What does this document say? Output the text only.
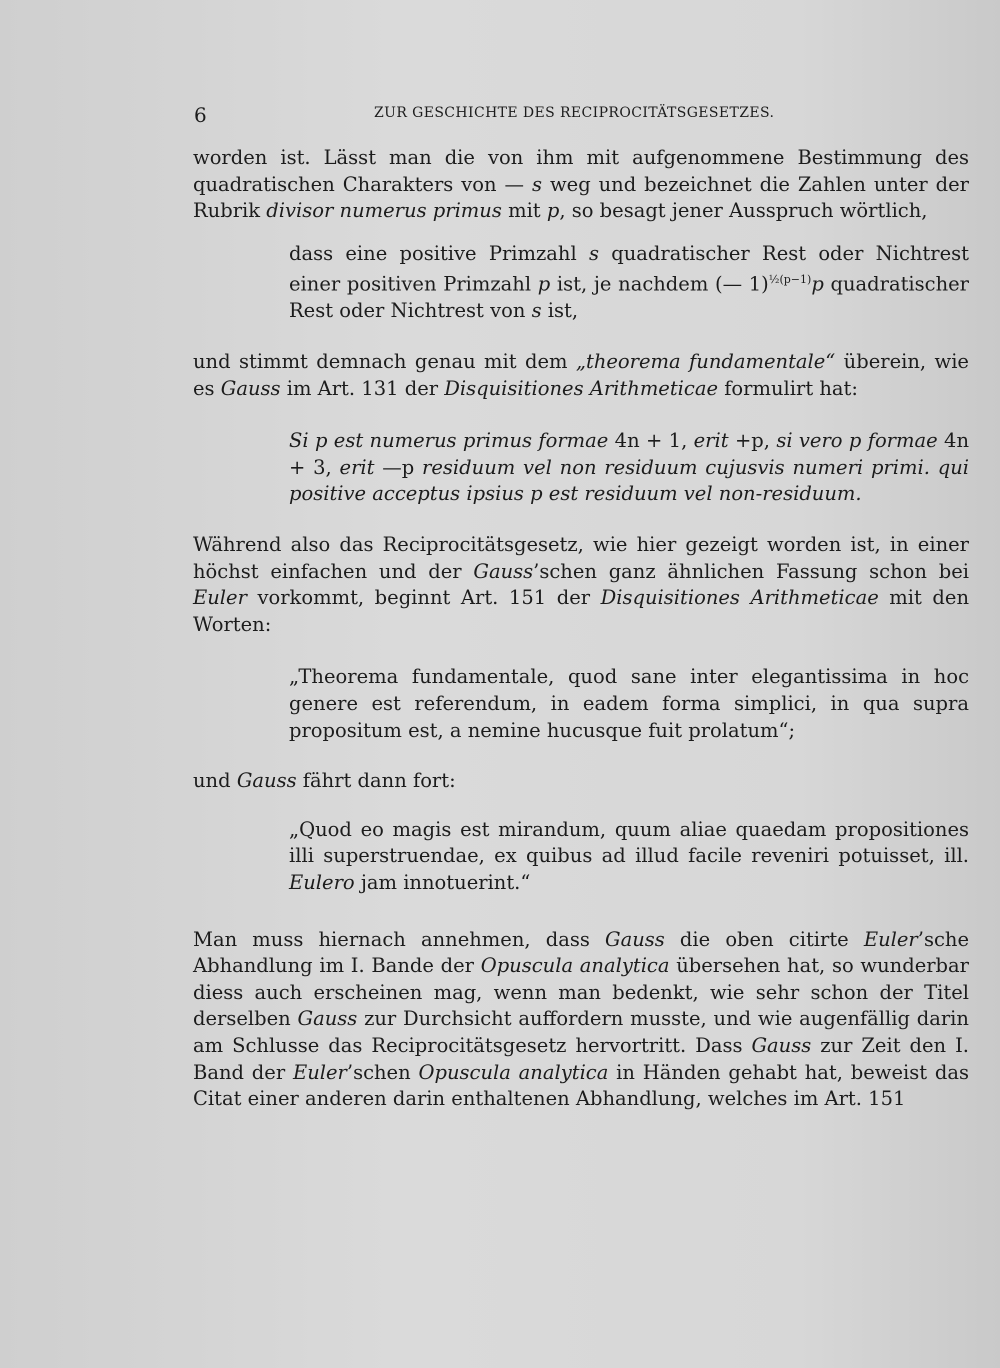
6	ZUR GESCHICHTE DES RECIPROCITÄTSGESETZES.

worden ist. Lässt man die von ihm mit aufgenommene Bestimmung des quadratischen Charakters von — s weg und bezeichnet die Zahlen unter der Rubrik divisor numerus primus mit p, so besagt jener Ausspruch wörtlich,

dass eine positive Primzahl s quadratischer Rest oder Nichtrest einer positiven Primzahl p ist, je nachdem (— 1)$^{\frac{1}{2}(p-1)}$p quadratischer Rest oder Nichtrest von s ist,

und stimmt demnach genau mit dem „theorema fundamentale“ überein, wie es Gauss im Art. 131 der Disquisitiones Arithmeticae formulirt hat:

Si p est numerus primus formae 4n + 1, erit +p, si vero p formae 4n + 3, erit —p residuum vel non residuum cujusvis numeri primi. qui positive acceptus ipsius p est residuum vel non-residuum.

Während also das Reciprocitätsgesetz, wie hier gezeigt worden ist, in einer höchst einfachen und der Gauss’schen ganz ähnlichen Fassung schon bei Euler vorkommt, beginnt Art. 151 der Disquisitiones Arithmeticae mit den Worten:

„Theorema fundamentale, quod sane inter elegantissima in hoc genere est referendum, in eadem forma simplici, in qua supra propositum est, a nemine hucusque fuit prolatum“;

und Gauss fährt dann fort:

„Quod eo magis est mirandum, quum aliae quaedam propositiones illi superstruendae, ex quibus ad illud facile reveniri potuisset, ill. Eulero jam innotuerint.“

Man muss hiernach annehmen, dass Gauss die oben citirte Euler’sche Abhandlung im I. Bande der Opuscula analytica übersehen hat, so wunderbar diess auch erscheinen mag, wenn man bedenkt, wie sehr schon der Titel derselben Gauss zur Durchsicht auffordern musste, und wie augenfällig darin am Schlusse das Reciprocitätsgesetz hervortritt. Dass Gauss zur Zeit den I. Band der Euler’schen Opuscula analytica in Händen gehabt hat, beweist das Citat einer anderen darin enthaltenen Abhandlung, welches im Art. 151
